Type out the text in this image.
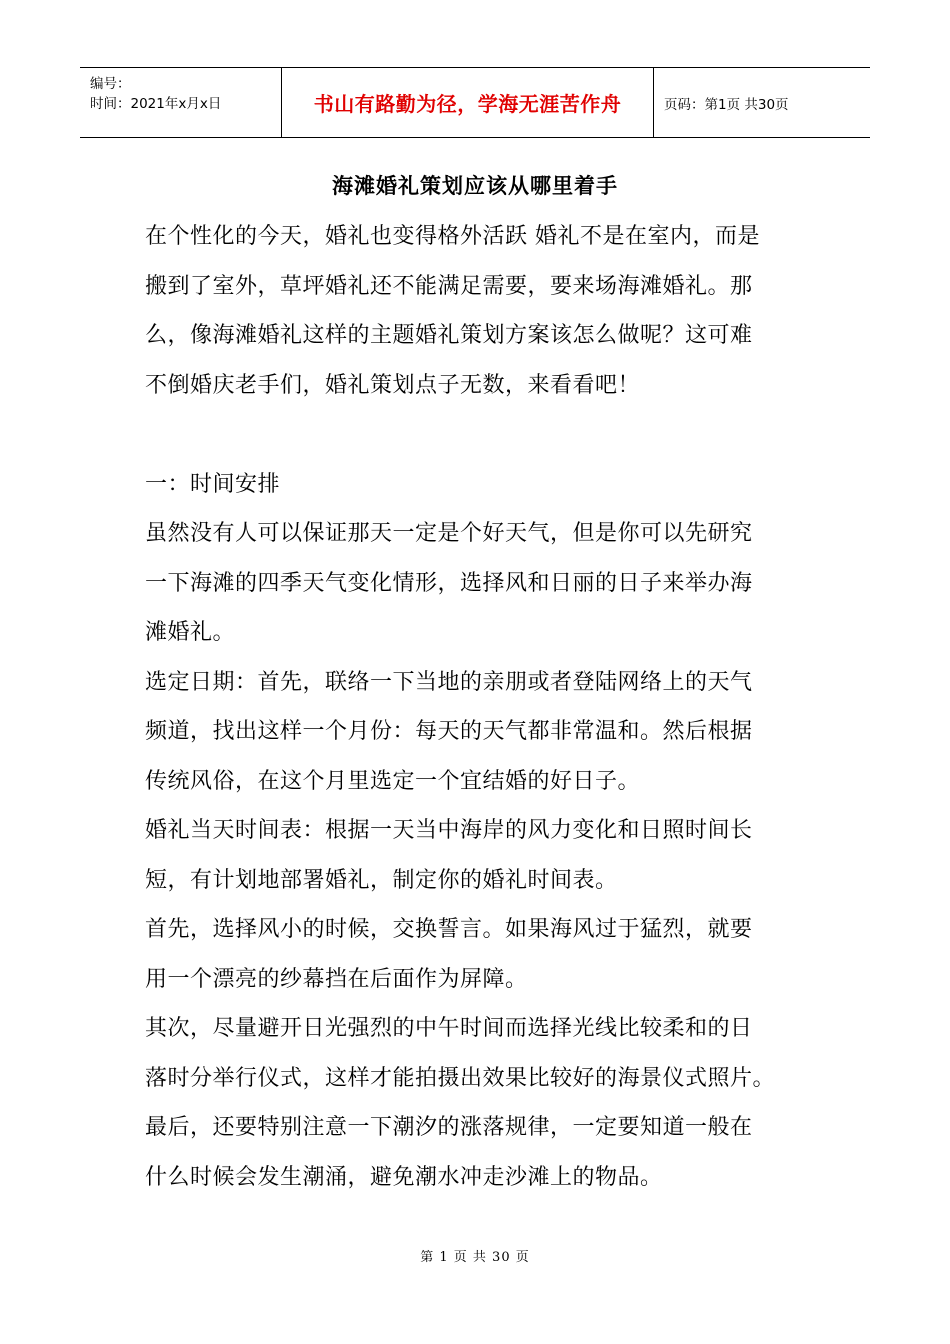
编号：
时间：2021年x月x日	书山有路勤为径，学海无涯苦作舟	页码：第1页 共30页
海滩婚礼策划应该从哪里着手

在个性化的今天，婚礼也变得格外活跃 婚礼不是在室内，而是

搬到了室外，草坪婚礼还不能满足需要，要来场海滩婚礼。那

么，像海滩婚礼这样的主题婚礼策划方案该怎么做呢？这可难

不倒婚庆老手们，婚礼策划点子无数，来看看吧！

一：时间安排

虽然没有人可以保证那天一定是个好天气，但是你可以先研究

一下海滩的四季天气变化情形，选择风和日丽的日子来举办海

滩婚礼。

选定日期：首先，联络一下当地的亲朋或者登陆网络上的天气

频道，找出这样一个月份：每天的天气都非常温和。然后根据

传统风俗，在这个月里选定一个宜结婚的好日子。

婚礼当天时间表：根据一天当中海岸的风力变化和日照时间长

短，有计划地部署婚礼，制定你的婚礼时间表。

首先，选择风小的时候，交换誓言。如果海风过于猛烈，就要

用一个漂亮的纱幕挡在后面作为屏障。

其次，尽量避开日光强烈的中午时间而选择光线比较柔和的日

落时分举行仪式，这样才能拍摄出效果比较好的海景仪式照片。

最后，还要特别注意一下潮汐的涨落规律，一定要知道一般在

什么时候会发生潮涌，避免潮水冲走沙滩上的物品。

第 1 页 共 30 页
